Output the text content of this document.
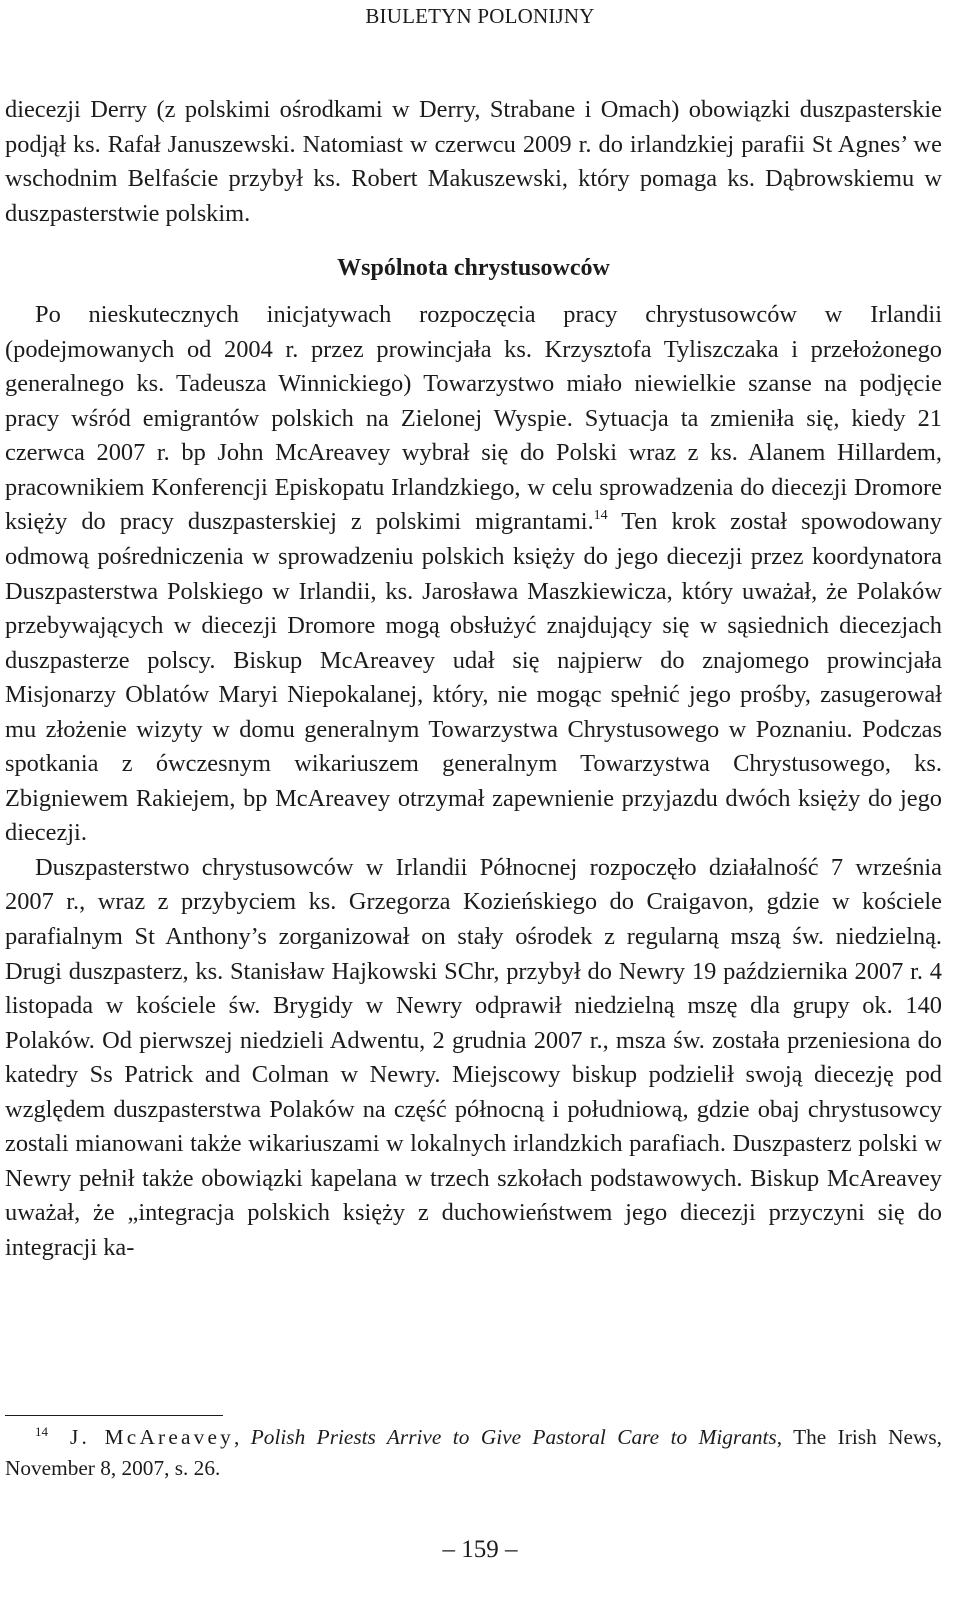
BIULETYN POLONIJNY

diecezji Derry (z polskimi ośrodkami w Derry, Strabane i Omach) obowiązki duszpasterskie podjął ks. Rafał Januszewski. Natomiast w czerwcu 2009 r. do irlandzkiej parafii St Agnes’ we wschodnim Belfaście przybył ks. Robert Makuszewski, który pomaga ks. Dąbrowskiemu w duszpasterstwie polskim.

Wspólnota chrystusowców

Po nieskutecznych inicjatywach rozpoczęcia pracy chrystusowców w Irlandii (podejmowanych od 2004 r. przez prowincjała ks. Krzysztofa Tyliszczaka i przełożonego generalnego ks. Tadeusza Winnickiego) Towarzystwo miało niewielkie szanse na podjęcie pracy wśród emigrantów polskich na Zielonej Wyspie. Sytuacja ta zmieniła się, kiedy 21 czerwca 2007 r. bp John McAreavey wybrał się do Polski wraz z ks. Alanem Hillardem, pracownikiem Konferencji Episkopatu Irlandzkiego, w celu sprowadzenia do diecezji Dromore księży do pracy duszpasterskiej z polskimi migrantami.$^{14}$ Ten krok został spowodowany odmową pośredniczenia w sprowadzeniu polskich księży do jego diecezji przez koordynatora Duszpasterstwa Polskiego w Irlandii, ks. Jarosława Maszkiewicza, który uważał, że Polaków przebywających w diecezji Dromore mogą obsłużyć znajdujący się w sąsiednich diecezjach duszpasterze polscy. Biskup McAreavey udał się najpierw do znajomego prowincjała Misjonarzy Oblatów Maryi Niepokalanej, który, nie mogąc spełnić jego prośby, zasugerował mu złożenie wizyty w domu generalnym Towarzystwa Chrystusowego w Poznaniu. Podczas spotkania z ówczesnym wikariuszem generalnym Towarzystwa Chrystusowego, ks. Zbigniewem Rakiejem, bp McAreavey otrzymał zapewnienie przyjazdu dwóch księży do jego diecezji.

Duszpasterstwo chrystusowców w Irlandii Północnej rozpoczęło działalność 7 września 2007 r., wraz z przybyciem ks. Grzegorza Kozieńskiego do Craigavon, gdzie w kościele parafialnym St Anthony’s zorganizował on stały ośrodek z regularną mszą św. niedzielną. Drugi duszpasterz, ks. Stanisław Hajkowski SChr, przybył do Newry 19 października 2007 r. 4 listopada w kościele św. Brygidy w Newry odprawił niedzielną mszę dla grupy ok. 140 Polaków. Od pierwszej niedzieli Adwentu, 2 grudnia 2007 r., msza św. została przeniesiona do katedry Ss Patrick and Colman w Newry. Miejscowy biskup podzielił swoją diecezję pod względem duszpasterstwa Polaków na część północną i południową, gdzie obaj chrystusowcy zostali mianowani także wikariuszami w lokalnych irlandzkich parafiach. Duszpasterz polski w Newry pełnił także obowiązki kapelana w trzech szkołach podstawowych. Biskup McAreavey uważał, że „integracja polskich księży z duchowieństwem jego diecezji przyczyni się do integracji ka-

$^{14}$ J. McAreavey, Polish Priests Arrive to Give Pastoral Care to Migrants, The Irish News, November 8, 2007, s. 26.
– 159 –
